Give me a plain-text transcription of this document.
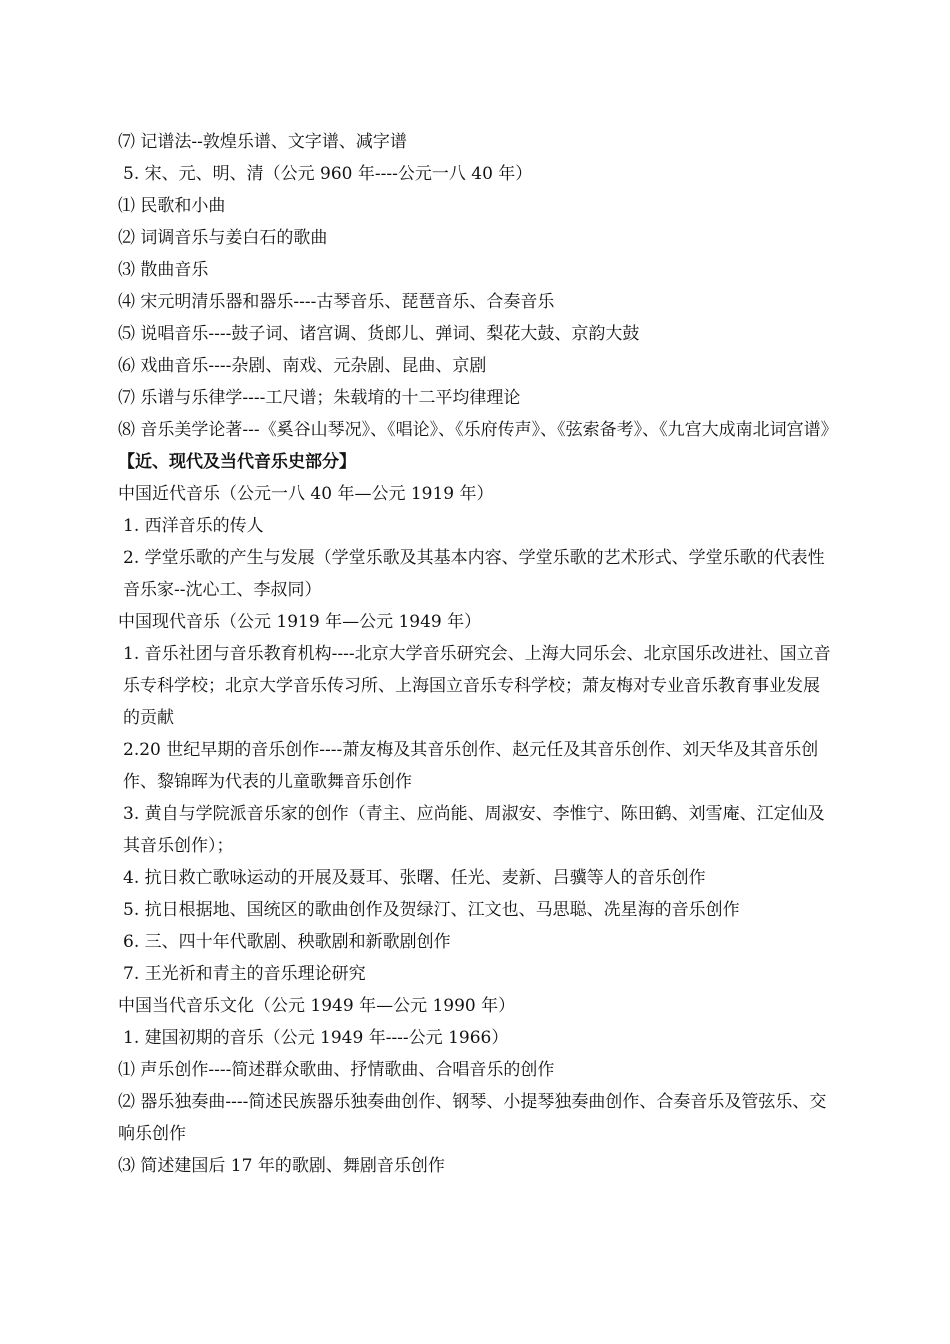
⑺ 记谱法--敦煌乐谱、文字谱、减字谱

5. 宋、元、明、清（公元 960 年----公元一八 40 年）

⑴ 民歌和小曲

⑵ 词调音乐与姜白石的歌曲

⑶ 散曲音乐

⑷ 宋元明清乐器和器乐----古琴音乐、琵琶音乐、合奏音乐

⑸ 说唱音乐----鼓子词、诸宫调、货郎儿、弹词、梨花大鼓、京韵大鼓

⑹ 戏曲音乐----杂剧、南戏、元杂剧、昆曲、京剧

⑺ 乐谱与乐律学----工尺谱；朱载堉的十二平均律理论

⑻ 音乐美学论著---《奚谷山琴况》、《唱论》、《乐府传声》、《弦索备考》、《九宫大成南北词宫谱》

【近、现代及当代音乐史部分】

中国近代音乐（公元一八 40 年—公元 1919 年）

1. 西洋音乐的传人

2. 学堂乐歌的产生与发展（学堂乐歌及其基本内容、学堂乐歌的艺术形式、学堂乐歌的代表性音乐家--沈心工、李叔同）

中国现代音乐（公元 1919 年—公元 1949 年）

1. 音乐社团与音乐教育机构----北京大学音乐研究会、上海大同乐会、北京国乐改进社、国立音乐专科学校；北京大学音乐传习所、上海国立音乐专科学校；萧友梅对专业音乐教育事业发展的贡献

2.20 世纪早期的音乐创作----萧友梅及其音乐创作、赵元任及其音乐创作、刘天华及其音乐创作、黎锦晖为代表的儿童歌舞音乐创作

3. 黄自与学院派音乐家的创作（青主、应尚能、周淑安、李惟宁、陈田鹤、刘雪庵、江定仙及其音乐创作）；

4. 抗日救亡歌咏运动的开展及聂耳、张曙、任光、麦新、吕骥等人的音乐创作

5. 抗日根据地、国统区的歌曲创作及贺绿汀、江文也、马思聪、冼星海的音乐创作

6. 三、四十年代歌剧、秧歌剧和新歌剧创作

7. 王光祈和青主的音乐理论研究

中国当代音乐文化（公元 1949 年—公元 1990 年）

1. 建国初期的音乐（公元 1949 年----公元 1966）

⑴ 声乐创作----简述群众歌曲、抒情歌曲、合唱音乐的创作

⑵ 器乐独奏曲----简述民族器乐独奏曲创作、钢琴、小提琴独奏曲创作、合奏音乐及管弦乐、交响乐创作

⑶ 简述建国后 17 年的歌剧、舞剧音乐创作
